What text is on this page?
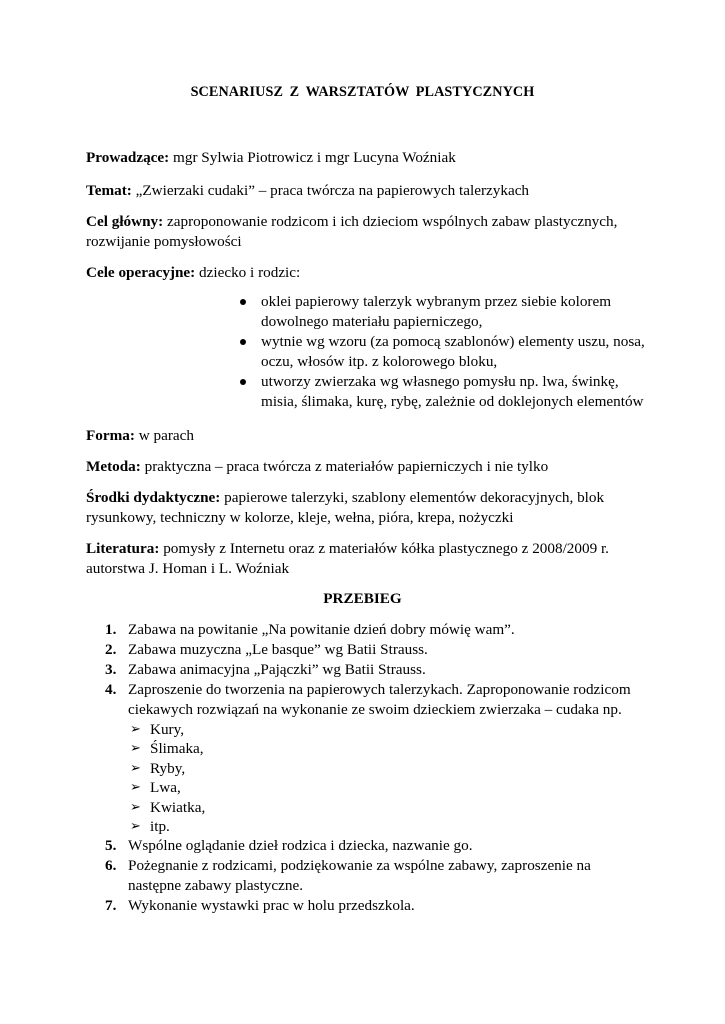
SCENARIUSZ Z WARSZTATÓW PLASTYCZNYCH

Prowadzące: mgr Sylwia Piotrowicz i mgr Lucyna Woźniak

Temat: „Zwierzaki cudaki” – praca twórcza na papierowych talerzykach

Cel główny: zaproponowanie rodzicom i ich dzieciom wspólnych zabaw plastycznych, rozwijanie pomysłowości

Cele operacyjne: dziecko i rodzic:

oklei papierowy talerzyk wybranym przez siebie kolorem dowolnego materiału papierniczego,
wytnie wg wzoru (za pomocą szablonów) elementy uszu, nosa, oczu, włosów itp. z kolorowego bloku,
utworzy zwierzaka wg własnego pomysłu np. lwa, świnkę, misia, ślimaka, kurę, rybę, zależnie od doklejonych elementów

Forma: w parach

Metoda: praktyczna – praca twórcza z materiałów papierniczych i nie tylko

Środki dydaktyczne: papierowe talerzyki, szablony elementów dekoracyjnych, blok rysunkowy, techniczny w kolorze, kleje, wełna, pióra, krepa, nożyczki

Literatura: pomysły z Internetu oraz z materiałów kółka plastycznego z 2008/2009 r. autorstwa J. Homan i L. Woźniak

PRZEBIEG
1. Zabawa na powitanie „Na powitanie dzień dobry mówię wam”.
2. Zabawa muzyczna „Le basque” wg Batii Strauss.
3. Zabawa animacyjna „Pajączki” wg Batii Strauss.
4. Zaproszenie do tworzenia na papierowych talerzykach. Zaproponowanie rodzicom ciekawych rozwiązań na wykonanie ze swoim dzieckiem zwierzaka – cudaka np.
➢ Kury,
➢ Ślimaka,
➢ Ryby,
➢ Lwa,
➢ Kwiatka,
➢ itp.
5. Wspólne oglądanie dzieł rodzica i dziecka, nazwanie go.
6. Pożegnanie z rodzicami, podziękowanie za wspólne zabawy, zaproszenie na następne zabawy plastyczne.
7. Wykonanie wystawki prac w holu przedszkola.
